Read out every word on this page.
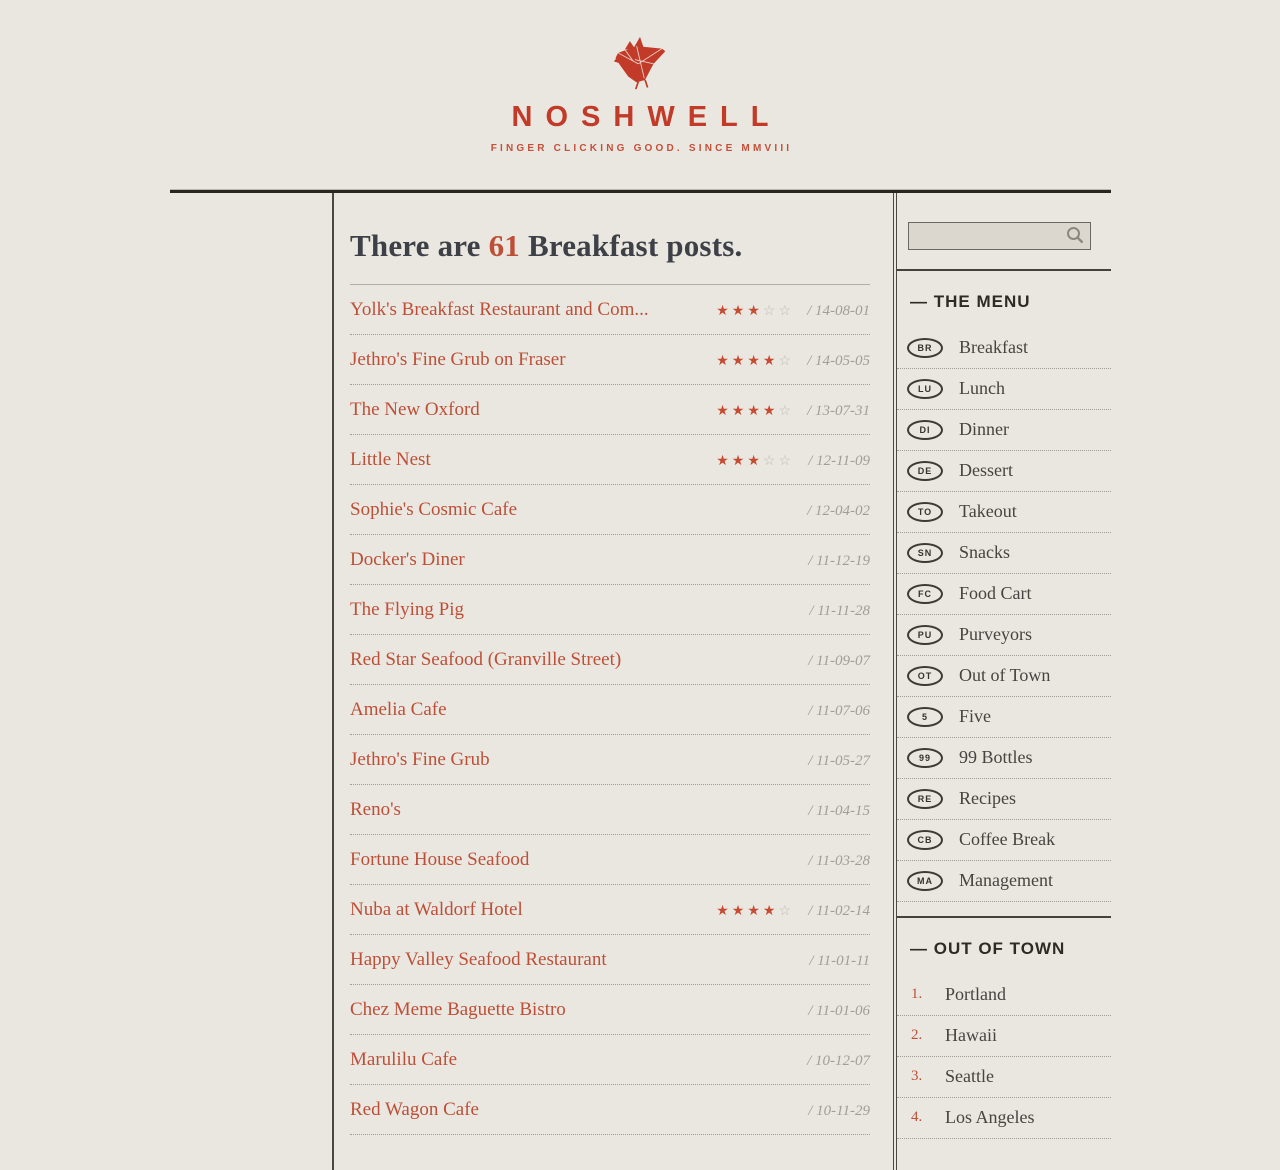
NOSHWELL
FINGER CLICKING GOOD. SINCE MMVIII
There are 61 Breakfast posts.
Yolk's Breakfast Restaurant and Com...	★★★☆☆ / 14-08-01
Jethro's Fine Grub on Fraser	★★★★☆ / 14-05-05
The New Oxford	★★★★☆ / 13-07-31
Little Nest	★★★☆☆ / 12-11-09
Sophie's Cosmic Cafe	/ 12-04-02
Docker's Diner	/ 11-12-19
The Flying Pig	/ 11-11-28
Red Star Seafood (Granville Street)	/ 11-09-07
Amelia Cafe	/ 11-07-06
Jethro's Fine Grub	/ 11-05-27
Reno's	/ 11-04-15
Fortune House Seafood	/ 11-03-28
Nuba at Waldorf Hotel	★★★★☆ / 11-02-14
Happy Valley Seafood Restaurant	/ 11-01-11
Chez Meme Baguette Bistro	/ 11-01-06
Marulilu Cafe	/ 10-12-07
Red Wagon Cafe	/ 10-11-29
— THE MENU
BR	Breakfast
LU	Lunch
DI	Dinner
DE	Dessert
TO	Takeout
SN	Snacks
FC	Food Cart
PU	Purveyors
OT	Out of Town
5	Five
99	99 Bottles
RE	Recipes
CB	Coffee Break
MA	Management
— OUT OF TOWN
1.	Portland
2.	Hawaii
3.	Seattle
4.	Los Angeles
